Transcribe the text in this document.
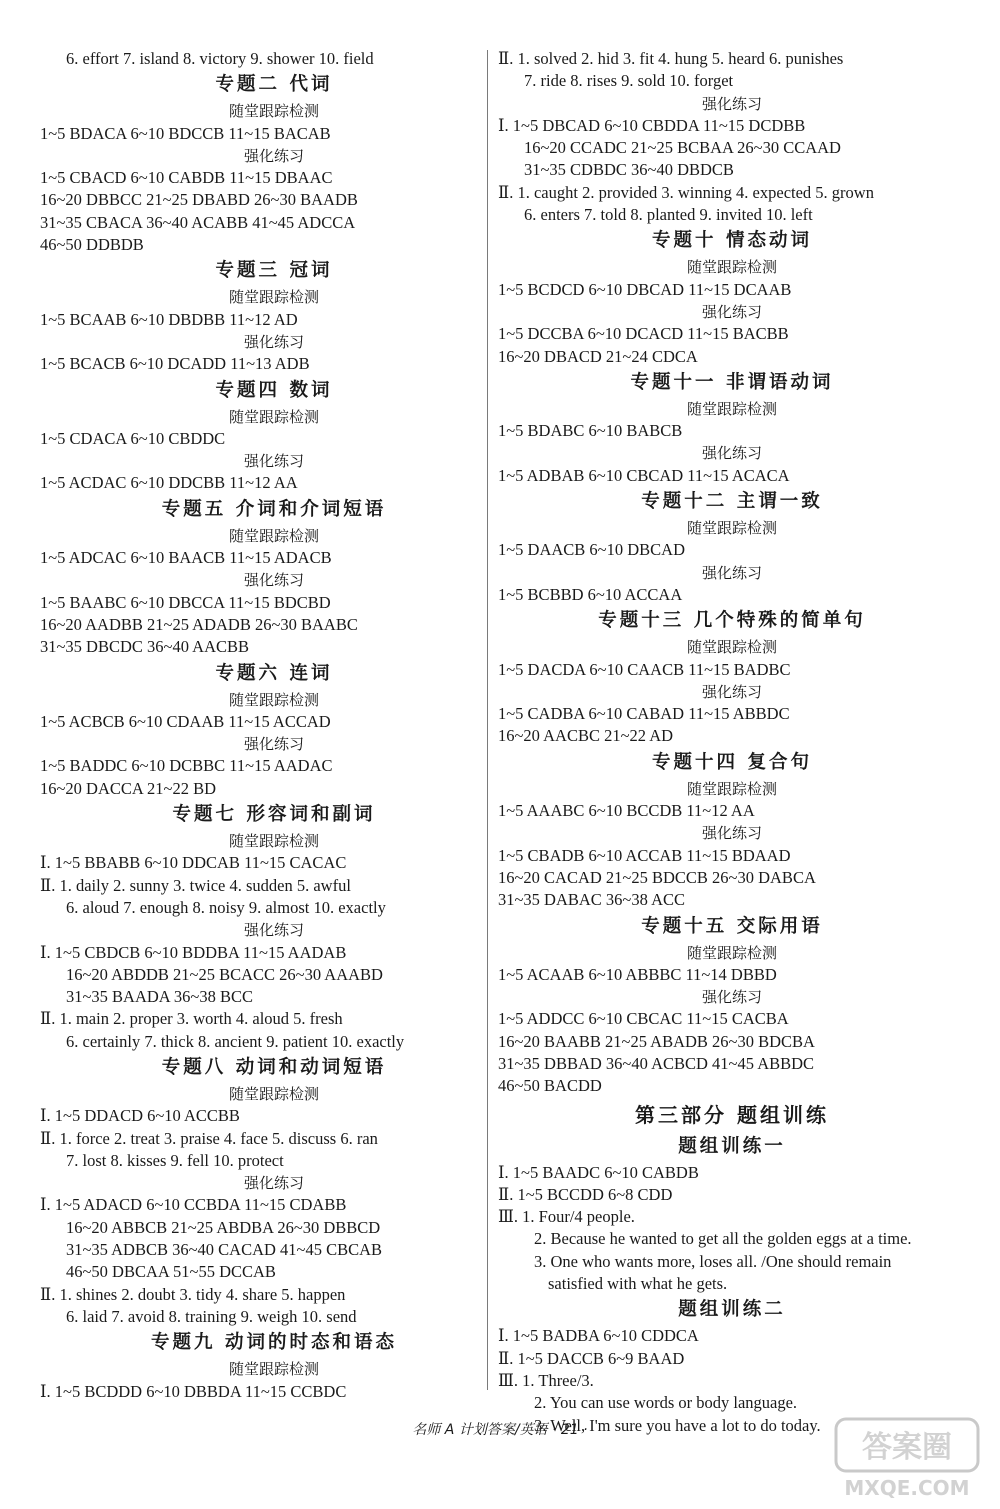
6. effort 7. island 8. victory 9. shower 10. field
专题二 代词
随堂跟踪检测
1~5 BDACA 6~10 BDCCB 11~15 BACAB
强化练习
1~5 CBACD 6~10 CABDB 11~15 DBAAC
16~20 DBBCC 21~25 DBABD 26~30 BAADB
31~35 CBACA 36~40 ACABB 41~45 ADCCA
46~50 DDBDB
专题三 冠词
随堂跟踪检测
1~5 BCAAB 6~10 DBDBB 11~12 AD
强化练习
1~5 BCACB 6~10 DCADD 11~13 ADB
专题四 数词
随堂跟踪检测
1~5 CDACA 6~10 CBDDC
强化练习
1~5 ACDAC 6~10 DDCBB 11~12 AA
专题五 介词和介词短语
随堂跟踪检测
1~5 ADCAC 6~10 BAACB 11~15 ADACB
强化练习
1~5 BAABC 6~10 DBCCA 11~15 BDCBD
16~20 AADBB 21~25 ADADB 26~30 BAABC
31~35 DBCDC 36~40 AACBB
专题六 连词
随堂跟踪检测
1~5 ACBCB 6~10 CDAAB 11~15 ACCAD
强化练习
1~5 BADDC 6~10 DCBBC 11~15 AADAC
16~20 DACCA 21~22 BD
专题七 形容词和副词
随堂跟踪检测
Ⅰ. 1~5 BBABB 6~10 DDCAB 11~15 CACAC
Ⅱ. 1. daily 2. sunny 3. twice 4. sudden 5. awful
6. aloud 7. enough 8. noisy 9. almost 10. exactly
强化练习
Ⅰ. 1~5 CBDCB 6~10 BDDBA 11~15 AADAB
16~20 ABDDB 21~25 BCACC 26~30 AAABD
31~35 BAADA 36~38 BCC
Ⅱ. 1. main 2. proper 3. worth 4. aloud 5. fresh
6. certainly 7. thick 8. ancient 9. patient 10. exactly
专题八 动词和动词短语
随堂跟踪检测
Ⅰ. 1~5 DDACD 6~10 ACCBB
Ⅱ. 1. force 2. treat 3. praise 4. face 5. discuss 6. ran
7. lost 8. kisses 9. fell 10. protect
强化练习
Ⅰ. 1~5 ADACD 6~10 CCBDA 11~15 CDABB
16~20 ABBCB 21~25 ABDBA 26~30 DBBCD
31~35 ADBCB 36~40 CACAD 41~45 CBCAB
46~50 DBCAA 51~55 DCCAB
Ⅱ. 1. shines 2. doubt 3. tidy 4. share 5. happen
6. laid 7. avoid 8. training 9. weigh 10. send
专题九 动词的时态和语态
随堂跟踪检测
Ⅰ. 1~5 BCDDD 6~10 DBBDA 11~15 CCBDC
Ⅱ. 1. solved 2. hid 3. fit 4. hung 5. heard 6. punishes
7. ride 8. rises 9. sold 10. forget
强化练习
Ⅰ. 1~5 DBCAD 6~10 CBDDA 11~15 DCDBB
16~20 CCADC 21~25 BCBAA 26~30 CCAAD
31~35 CDBDC 36~40 DBDCB
Ⅱ. 1. caught 2. provided 3. winning 4. expected 5. grown
6. enters 7. told 8. planted 9. invited 10. left
专题十 情态动词
随堂跟踪检测
1~5 BCDCD 6~10 DBCAD 11~15 DCAAB
强化练习
1~5 DCCBA 6~10 DCACD 11~15 BACBB
16~20 DBACD 21~24 CDCA
专题十一 非谓语动词
随堂跟踪检测
1~5 BDABC 6~10 BABCB
强化练习
1~5 ADBAB 6~10 CBCAD 11~15 ACACA
专题十二 主谓一致
随堂跟踪检测
1~5 DAACB 6~10 DBCAD
强化练习
1~5 BCBBD 6~10 ACCAA
专题十三 几个特殊的简单句
随堂跟踪检测
1~5 DACDA 6~10 CAACB 11~15 BADBC
强化练习
1~5 CADBA 6~10 CABAD 11~15 ABBDC
16~20 AACBC 21~22 AD
专题十四 复合句
随堂跟踪检测
1~5 AAABC 6~10 BCCDB 11~12 AA
强化练习
1~5 CBADB 6~10 ACCAB 11~15 BDAAD
16~20 CACAD 21~25 BDCCB 26~30 DABCA
31~35 DABAC 36~38 ACC
专题十五 交际用语
随堂跟踪检测
1~5 ACAAB 6~10 ABBBC 11~14 DBBD
强化练习
1~5 ADDCC 6~10 CBCAC 11~15 CACBA
16~20 BAABB 21~25 ABADB 26~30 BDCBA
31~35 DBBAD 36~40 ACBCD 41~45 ABBDC
46~50 BACDD
第三部分 题组训练
题组训练一
Ⅰ. 1~5 BAADC 6~10 CABDB
Ⅱ. 1~5 BCCDD 6~8 CDD
Ⅲ. 1. Four/4 people.
2. Because he wanted to get all the golden eggs at a time.
3. One who wants more, loses all. /One should remain
satisfied with what he gets.
题组训练二
Ⅰ. 1~5 BADBA 6~10 CDDCA
Ⅱ. 1~5 DACCB 6~9 BAAD
Ⅲ. 1. Three/3.
2. You can use words or body language.
3. Well, I'm sure you have a lot to do today.
名师 A 计划答案/英语 · 21 ·	答案圈
MXQE.COM
